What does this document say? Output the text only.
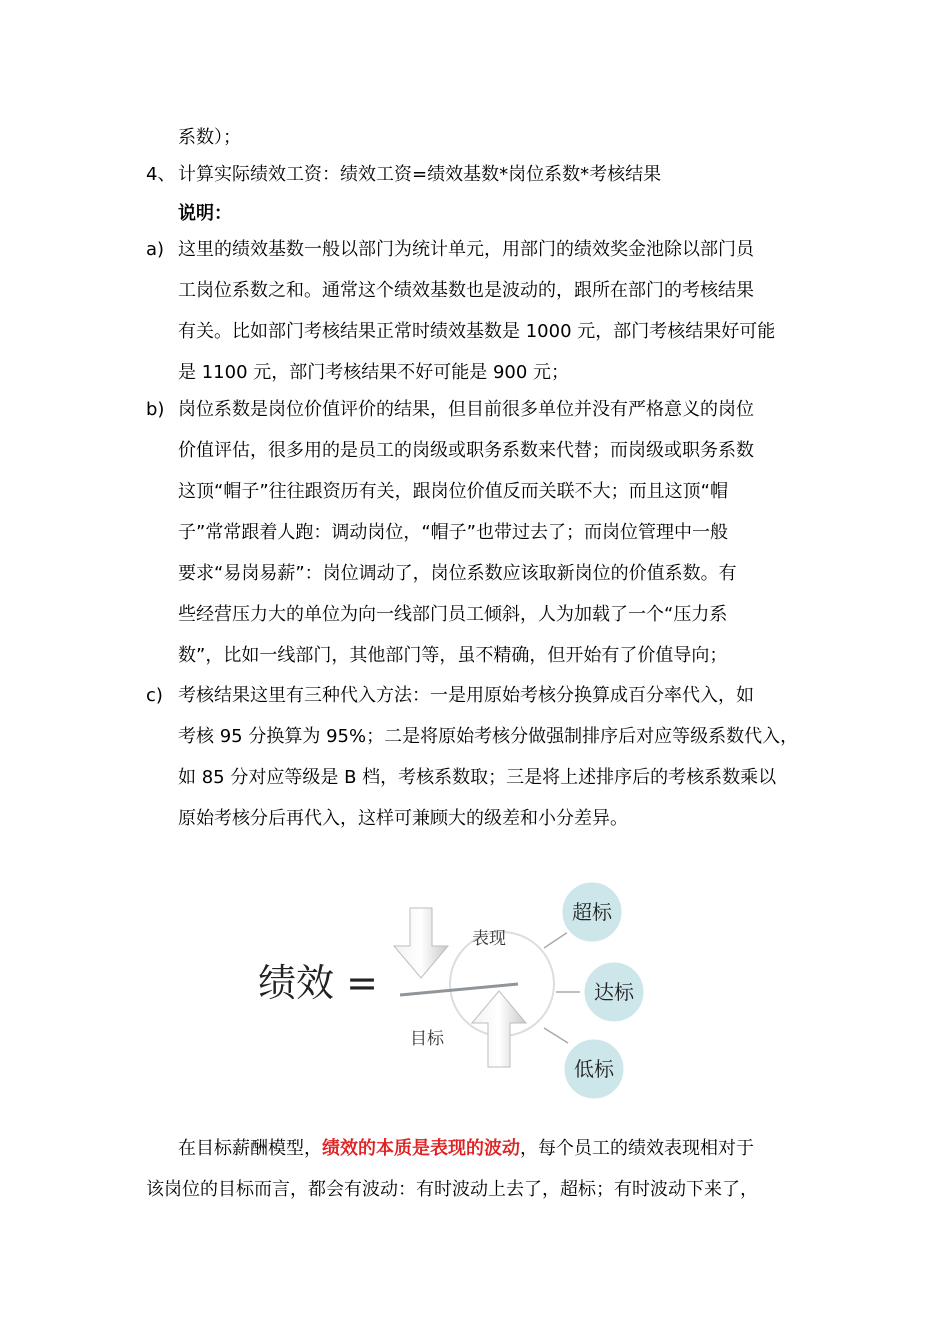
系数）；
4、 计算实际绩效工资：绩效工资=绩效基数*岗位系数*考核结果
说明：
a) 这里的绩效基数一般以部门为统计单元，用部门的绩效奖金池除以部门员
工岗位系数之和。通常这个绩效基数也是波动的，跟所在部门的考核结果
有关。比如部门考核结果正常时绩效基数是 1000 元，部门考核结果好可能
是 1100 元，部门考核结果不好可能是 900 元；
b) 岗位系数是岗位价值评价的结果，但目前很多单位并没有严格意义的岗位
价值评估，很多用的是员工的岗级或职务系数来代替；而岗级或职务系数
这顶“帽子”往往跟资历有关，跟岗位价值反而关联不大；而且这顶“帽
子”常常跟着人跑：调动岗位，“帽子”也带过去了；而岗位管理中一般
要求“易岗易薪”：岗位调动了，岗位系数应该取新岗位的价值系数。有
些经营压力大的单位为向一线部门员工倾斜，人为加载了一个“压力系
数”，比如一线部门，其他部门等，虽不精确，但开始有了价值导向；
c) 考核结果这里有三种代入方法：一是用原始考核分换算成百分率代入，如
考核 95 分换算为 95%；二是将原始考核分做强制排序后对应等级系数代入，
如 85 分对应等级是 B 档，考核系数取；三是将上述排序后的考核系数乘以
原始考核分后再代入，这样可兼顾大的级差和小分差异。
绩效 =
表现
目标
超标
达标
低标
在目标薪酬模型，绩效的本质是表现的波动，每个员工的绩效表现相对于
该岗位的目标而言，都会有波动：有时波动上去了，超标；有时波动下来了，
